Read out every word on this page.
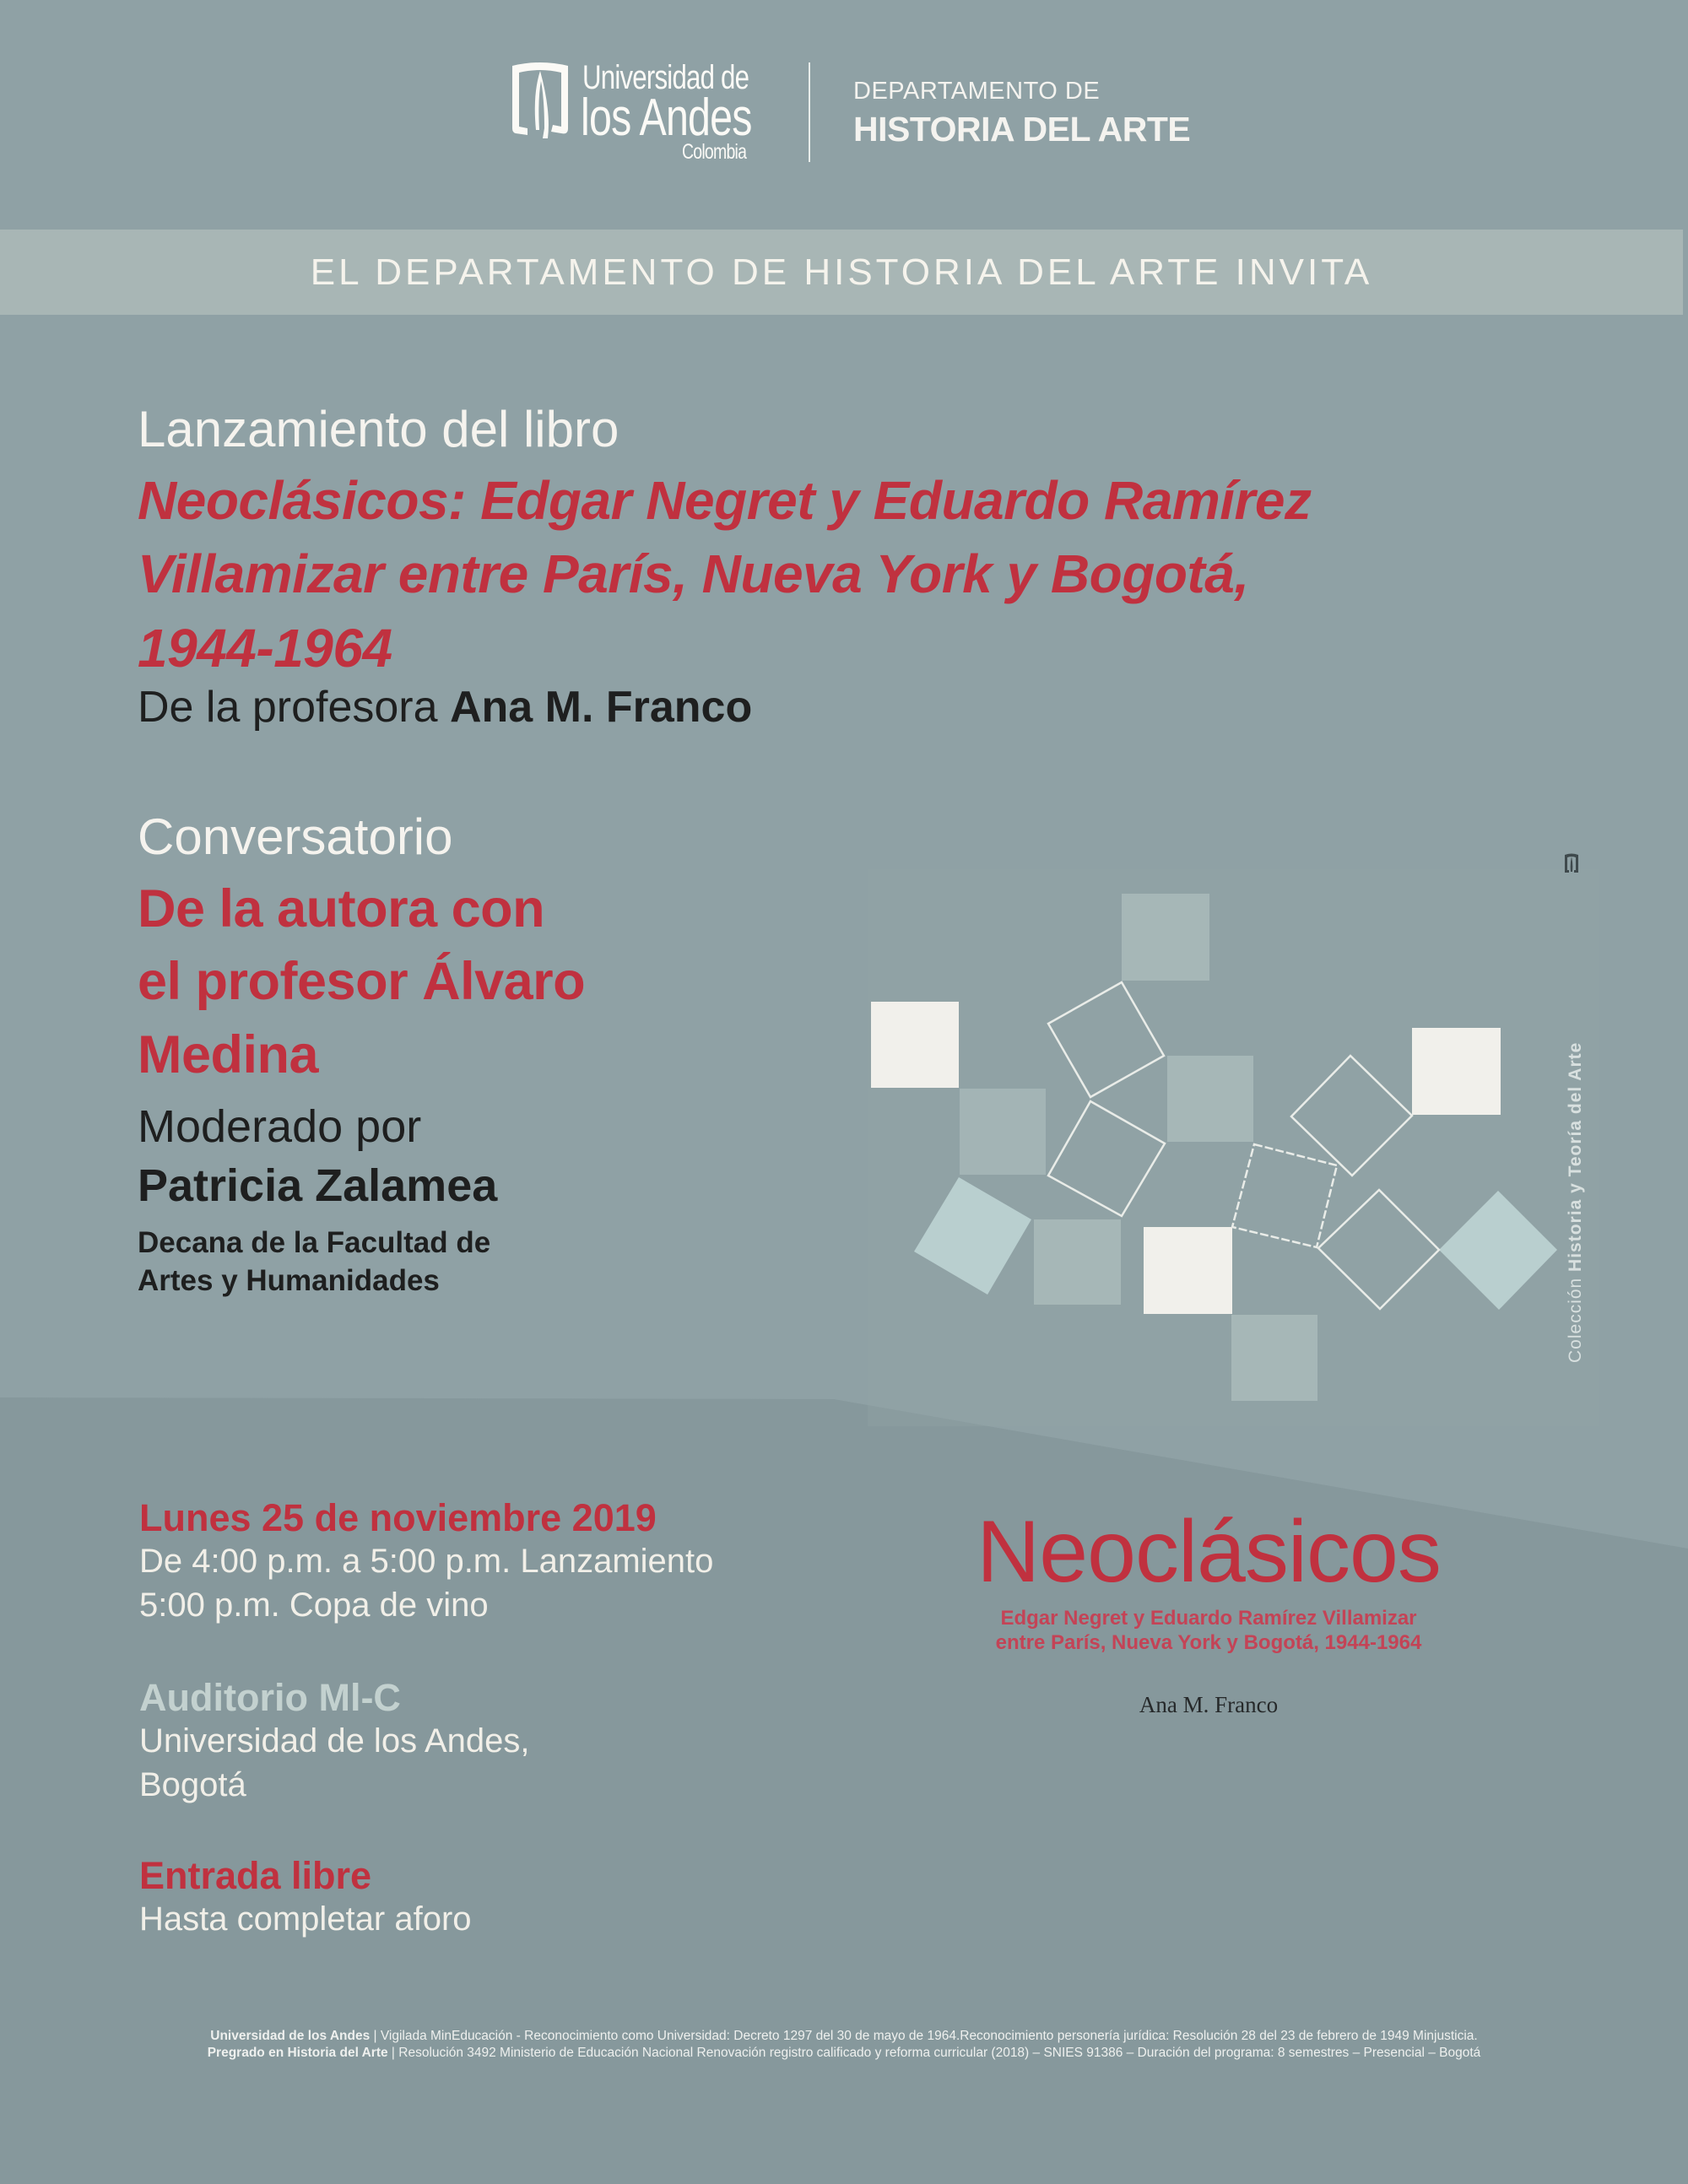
Universidad de
los Andes
Colombia
DEPARTAMENTO DE
HISTORIA DEL ARTE
EL DEPARTAMENTO DE HISTORIA DEL ARTE INVITA
Lanzamiento del libro
Neoclásicos: Edgar Negret y Eduardo Ramírez
Villamizar entre París, Nueva York y Bogotá,
1944-1964
De la profesora Ana M. Franco
Conversatorio
De la autora con
el profesor Álvaro
Medina
Moderado por
Patricia Zalamea
Decana de la Facultad de
Artes y Humanidades
Lunes 25 de noviembre 2019
De 4:00 p.m. a 5:00 p.m. Lanzamiento
5:00 p.m. Copa de vino
Auditorio Ml-C
Universidad de los Andes,
Bogotá
Entrada libre
Hasta completar aforo
Colección Historia y Teoría del Arte
Neoclásicos
Edgar Negret y Eduardo Ramírez Villamizar
entre París, Nueva York y Bogotá, 1944-1964
Ana M. Franco
Universidad de los Andes | Vigilada MinEducación - Reconocimiento como Universidad: Decreto 1297 del 30 de mayo de 1964.Reconocimiento personería jurídica: Resolución 28 del 23 de febrero de 1949 Minjusticia.
Pregrado en Historia del Arte | Resolución 3492 Ministerio de Educación Nacional Renovación registro calificado y reforma curricular (2018) – SNIES 91386 – Duración del programa: 8 semestres – Presencial – Bogotá
